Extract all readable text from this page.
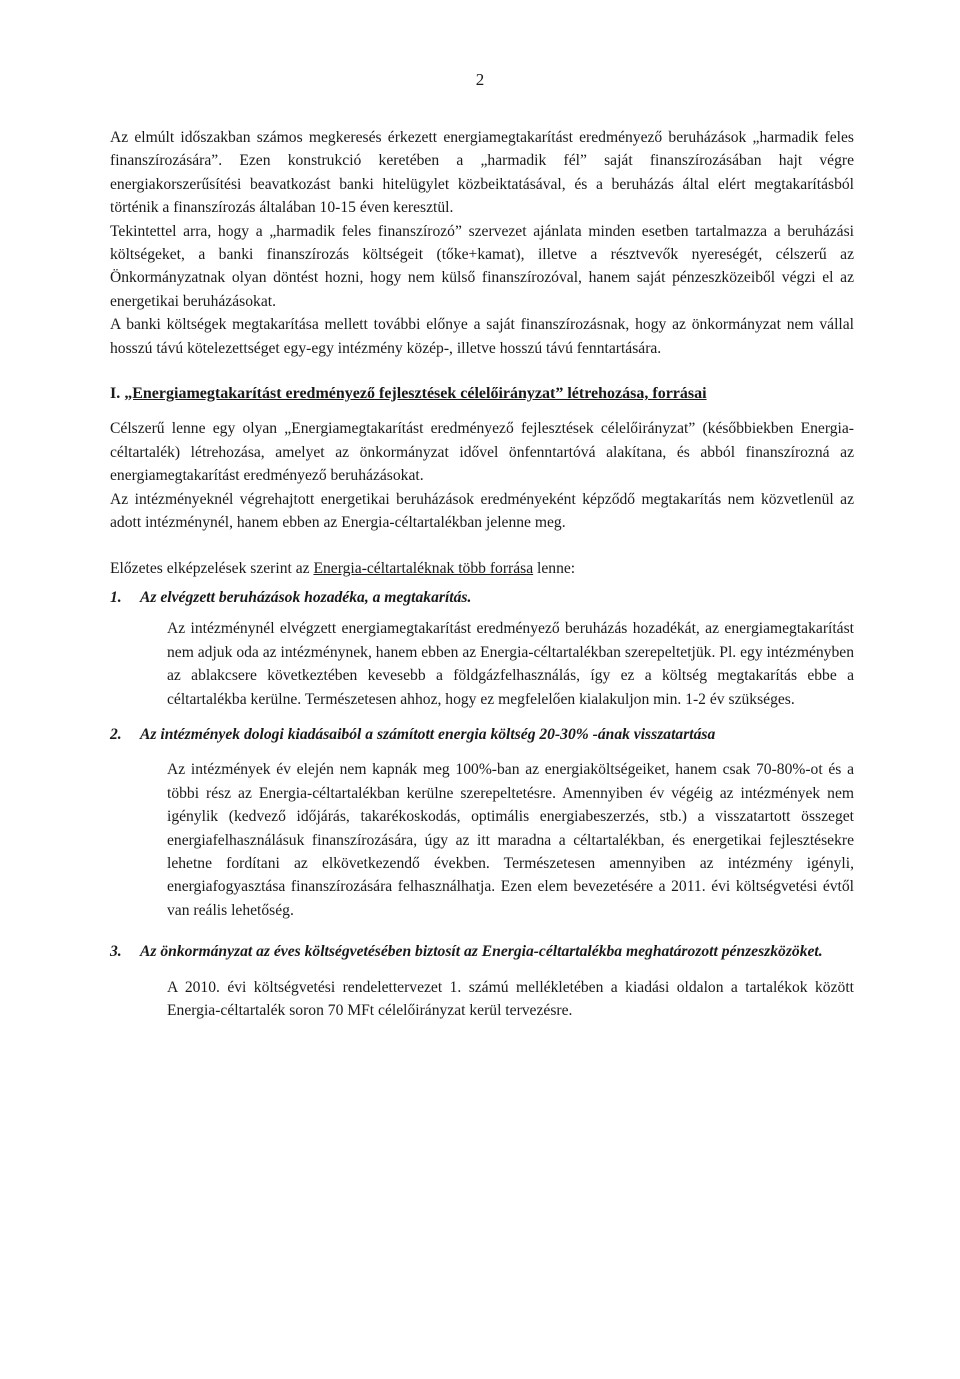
2

Az elmúlt időszakban számos megkeresés érkezett energiamegtakarítást eredményező beruházások „harmadik feles finanszírozására”. Ezen konstrukció keretében a „harmadik fél” saját finanszírozásában hajt végre energiakorszerűsítési beavatkozást banki hitelügylet közbeiktatásával, és a beruházás által elért megtakarításból történik a finanszírozás általában 10-15 éven keresztül.

Tekintettel arra, hogy a „harmadik feles finanszírozó” szervezet ajánlata minden esetben tartalmazza a beruházási költségeket, a banki finanszírozás költségeit (tőke+kamat), illetve a résztvevők nyereségét, célszerű az Önkormányzatnak olyan döntést hozni, hogy nem külső finanszírozóval, hanem saját pénzeszközeiből végzi el az energetikai beruházásokat.

A banki költségek megtakarítása mellett további előnye a saját finanszírozásnak, hogy az önkormányzat nem vállal hosszú távú kötelezettséget egy-egy intézmény közép-, illetve hosszú távú fenntartására.

I. „Energiamegtakarítást eredményező fejlesztések célelőirányzat” létrehozása, forrásai

Célszerű lenne egy olyan „Energiamegtakarítást eredményező fejlesztések célelőirányzat” (későbbiekben Energia-céltartalék) létrehozása, amelyet az önkormányzat idővel önfenntartóvá alakítana, és abból finanszírozná az energiamegtakarítást eredményező beruházásokat.

Az intézményeknél végrehajtott energetikai beruházások eredményeként képződő megtakarítás nem közvetlenül az adott intézménynél, hanem ebben az Energia-céltartalékban jelenne meg.

Előzetes elképzelések szerint az Energia-céltartaléknak több forrása lenne:

1.	Az elvégzett beruházások hozadéka, a megtakarítás.

Az intézménynél elvégzett energiamegtakarítást eredményező beruházás hozadékát, az energiamegtakarítást nem adjuk oda az intézménynek, hanem ebben az Energia-céltartalékban szerepeltetjük. Pl. egy intézményben az ablakcsere következtében kevesebb a földgázfelhasználás, így ez a költség megtakarítás ebbe a céltartalékba kerülne. Természetesen ahhoz, hogy ez megfelelően kialakuljon min. 1-2 év szükséges.

2.	Az intézmények dologi kiadásaiból a számított energia költség 20-30% -ának visszatartása

Az intézmények év elején nem kapnák meg 100%-ban az energiaköltségeiket, hanem csak 70-80%-ot és a többi rész az Energia-céltartalékban kerülne szerepeltetésre. Amennyiben év végéig az intézmények nem igénylik (kedvező időjárás, takarékoskodás, optimális energiabeszerzés, stb.) a visszatartott összeget energiafelhasználásuk finanszírozására, úgy az itt maradna a céltartalékban, és energetikai fejlesztésekre lehetne fordítani az elkövetkezendő években. Természetesen amennyiben az intézmény igényli, energiafogyasztása finanszírozására felhasználhatja. Ezen elem bevezetésére a 2011. évi költségvetési évtől van reális lehetőség.

3.	Az önkormányzat az éves költségvetésében biztosít az Energia-céltartalékba meghatározott pénzeszközöket.

A 2010. évi költségvetési rendelettervezet 1. számú mellékletében a kiadási oldalon a tartalékok között Energia-céltartalék soron 70 MFt célelőirányzat kerül tervezésre.
